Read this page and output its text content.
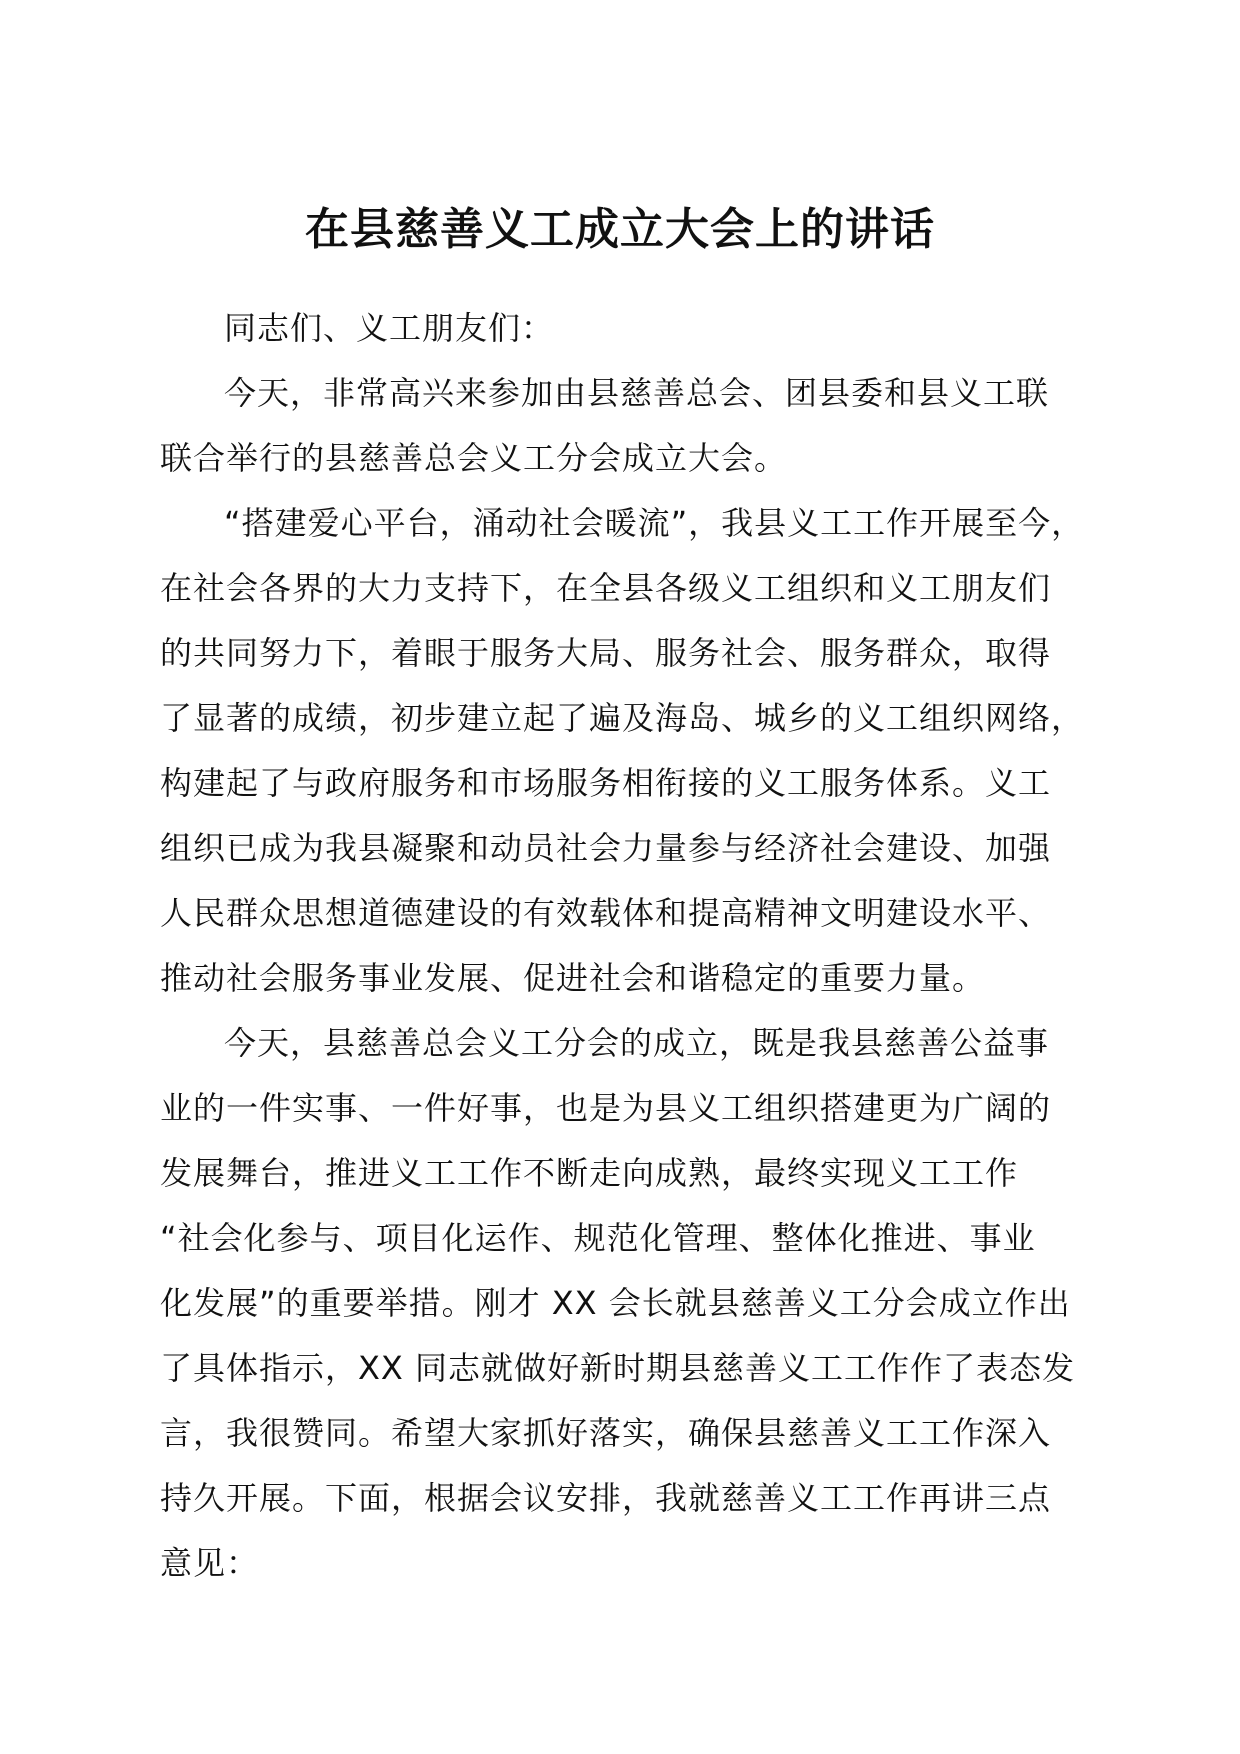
在县慈善义工成立大会上的讲话
同志们、义工朋友们：
今天，非常高兴来参加由县慈善总会、团县委和县义工联
联合举行的县慈善总会义工分会成立大会。
“搭建爱心平台，涌动社会暖流”，我县义工工作开展至今，
在社会各界的大力支持下，在全县各级义工组织和义工朋友们
的共同努力下，着眼于服务大局、服务社会、服务群众，取得
了显著的成绩，初步建立起了遍及海岛、城乡的义工组织网络，
构建起了与政府服务和市场服务相衔接的义工服务体系。义工
组织已成为我县凝聚和动员社会力量参与经济社会建设、加强
人民群众思想道德建设的有效载体和提高精神文明建设水平、
推动社会服务事业发展、促进社会和谐稳定的重要力量。
今天，县慈善总会义工分会的成立，既是我县慈善公益事
业的一件实事、一件好事，也是为县义工组织搭建更为广阔的
发展舞台，推进义工工作不断走向成熟，最终实现义工工作
“社会化参与、项目化运作、规范化管理、整体化推进、事业
化发展”的重要举措。刚才 XX 会长就县慈善义工分会成立作出
了具体指示，XX 同志就做好新时期县慈善义工工作作了表态发
言，我很赞同。希望大家抓好落实，确保县慈善义工工作深入
持久开展。下面，根据会议安排，我就慈善义工工作再讲三点
意见：
